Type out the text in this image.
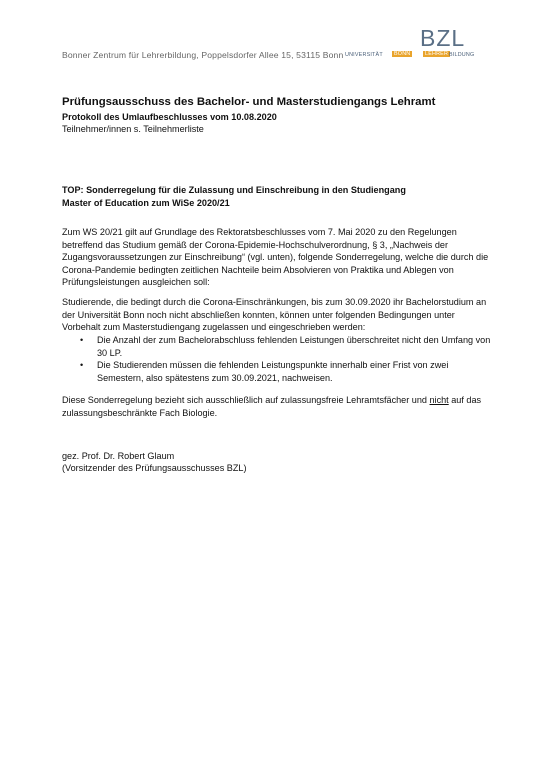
Bonner Zentrum für Lehrerbildung, Poppelsdorfer Allee 15, 53115 Bonn
BZL
UNIVERSITÄT	BONN	LEHRER BILDUNG
Prüfungsausschuss des Bachelor- und Masterstudiengangs Lehramt
Protokoll des Umlaufbeschlusses vom 10.08.2020
Teilnehmer/innen s. Teilnehmerliste
TOP: Sonderregelung für die Zulassung und Einschreibung in den Studiengang
Master of Education zum WiSe 2020/21
Zum WS 20/21 gilt auf Grundlage des Rektoratsbeschlusses vom 7. Mai 2020 zu den Regelungen betreffend das Studium gemäß der Corona-Epidemie-Hochschulverordnung, § 3, „Nachweis der Zugangsvoraussetzungen zur Einschreibung“ (vgl. unten), folgende Sonderregelung, welche die durch die Corona-Pandemie bedingten zeitlichen Nachteile beim Absolvieren von Praktika und Ablegen von Prüfungsleistungen ausgleichen soll:
Studierende, die bedingt durch die Corona-Einschränkungen, bis zum 30.09.2020 ihr Bachelorstudium an der Universität Bonn noch nicht abschließen konnten, können unter folgenden Bedingungen unter Vorbehalt zum Masterstudiengang zugelassen und eingeschrieben werden:
• Die Anzahl der zum Bachelorabschluss fehlenden Leistungen überschreitet nicht den Umfang von 30 LP.
• Die Studierenden müssen die fehlenden Leistungspunkte innerhalb einer Frist von zwei Semestern, also spätestens zum 30.09.2021, nachweisen.
Diese Sonderregelung bezieht sich ausschließlich auf zulassungsfreie Lehramtsfächer und nicht auf das zulassungsbeschränkte Fach Biologie.
gez. Prof. Dr. Robert Glaum
(Vorsitzender des Prüfungsausschusses BZL)
